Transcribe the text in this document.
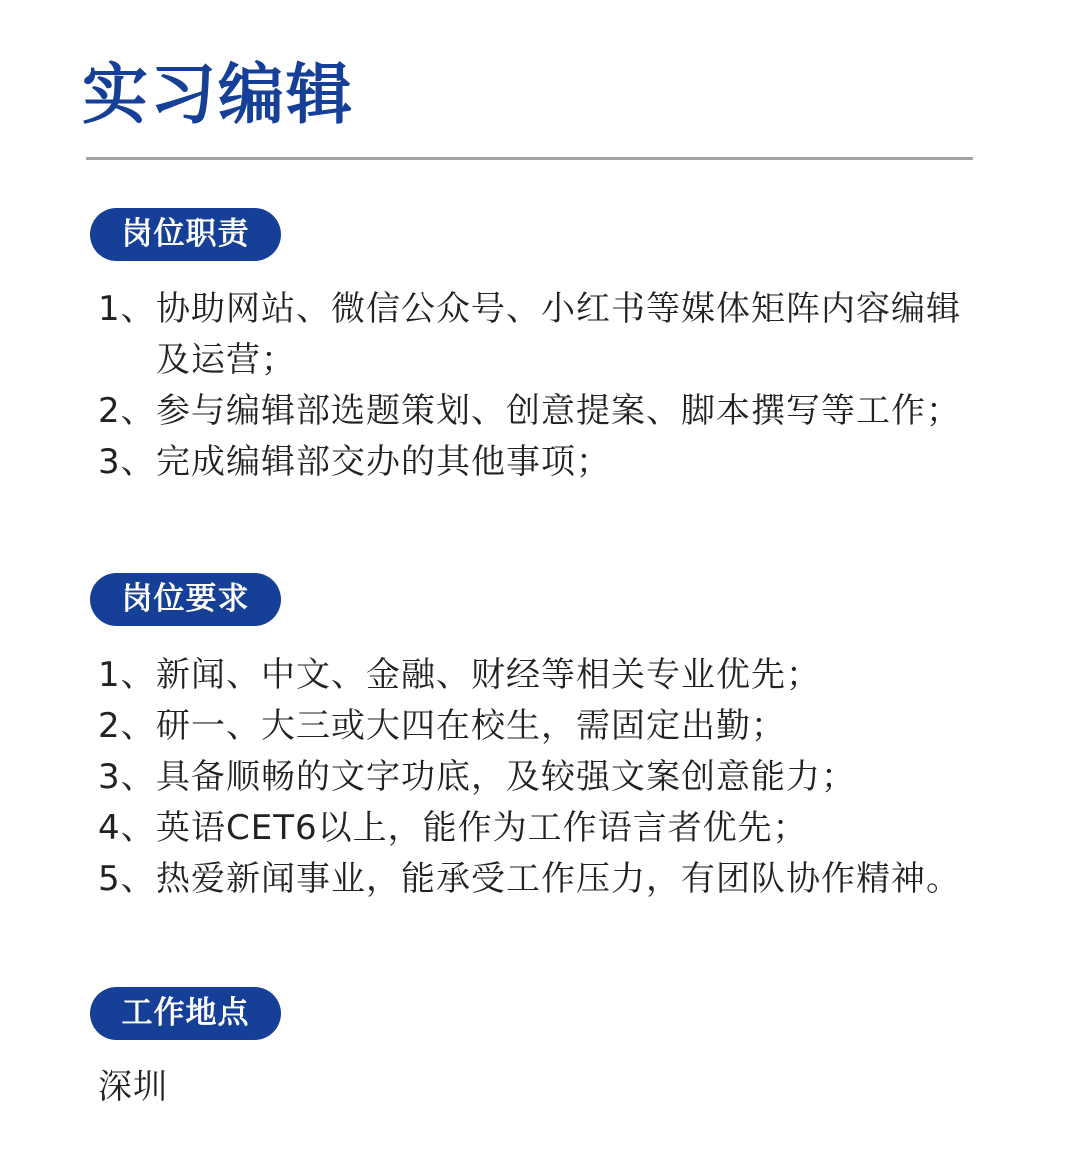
实习编辑
岗位职责
1、 协助网站、微信公众号、小红书等媒体矩阵内容编辑及运营；
2、 参与编辑部选题策划、创意提案、脚本撰写等工作；
3、 完成编辑部交办的其他事项；
岗位要求
1、 新闻、中文、金融、财经等相关专业优先；
2、 研一、大三或大四在校生，需固定出勤；
3、 具备顺畅的文字功底，及较强文案创意能力；
4、 英语CET6以上，能作为工作语言者优先；
5、 热爱新闻事业，能承受工作压力，有团队协作精神。
工作地点
深圳
